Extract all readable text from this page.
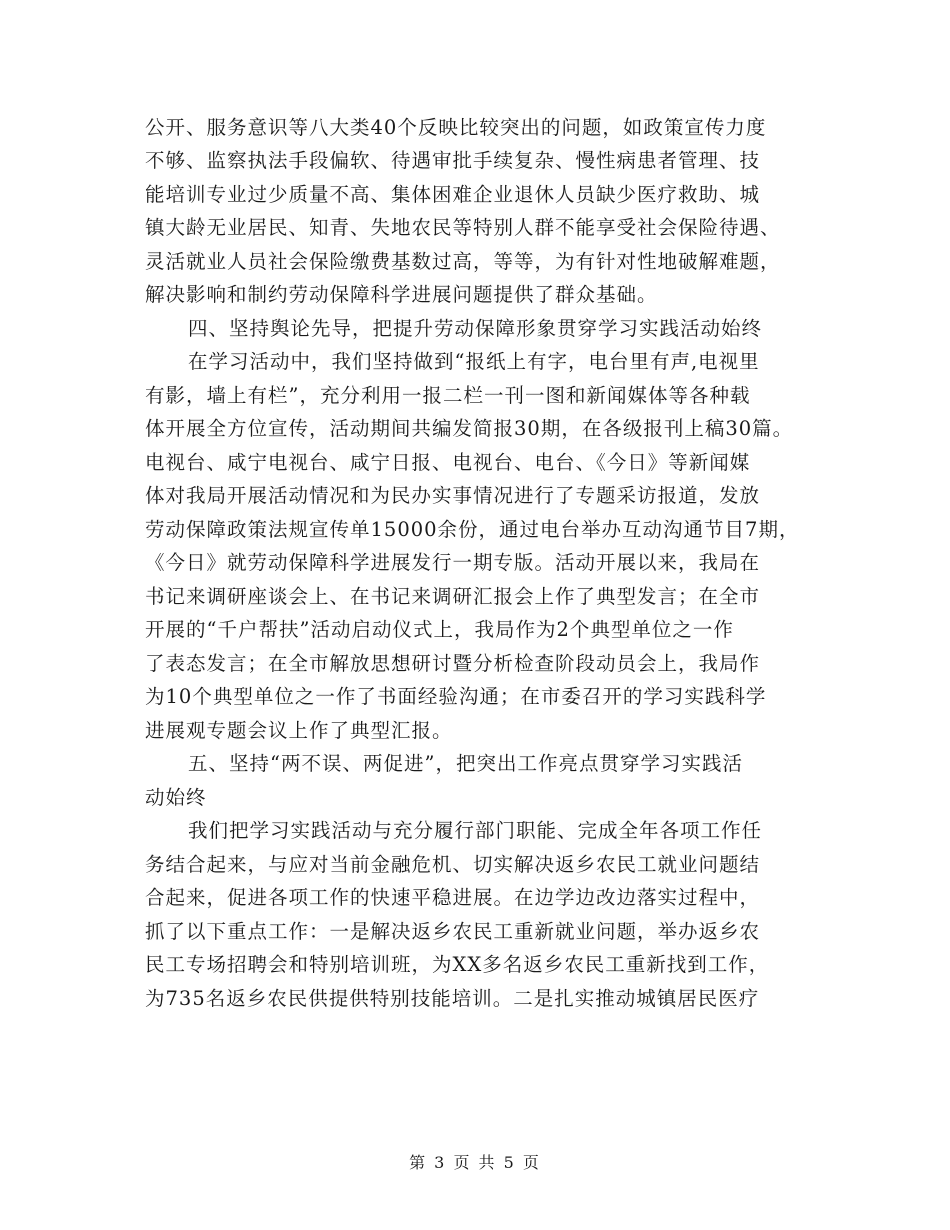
公开、服务意识等八大类40个反映比较突出的问题，如政策宣传力度
不够、监察执法手段偏软、待遇审批手续复杂、慢性病患者管理、技
能培训专业过少质量不高、集体困难企业退休人员缺少医疗救助、城
镇大龄无业居民、知青、失地农民等特别人群不能享受社会保险待遇、
灵活就业人员社会保险缴费基数过高，等等，为有针对性地破解难题，
解决影响和制约劳动保障科学进展问题提供了群众基础。
四、坚持舆论先导，把提升劳动保障形象贯穿学习实践活动始终
在学习活动中，我们坚持做到“报纸上有字，电台里有声,电视里
有影，墙上有栏”，充分利用一报二栏一刊一图和新闻媒体等各种载
体开展全方位宣传，活动期间共编发简报30期，在各级报刊上稿30篇。
电视台、咸宁电视台、咸宁日报、电视台、电台、《今日》等新闻媒
体对我局开展活动情况和为民办实事情况进行了专题采访报道，发放
劳动保障政策法规宣传单15000余份，通过电台举办互动沟通节目7期，
《今日》就劳动保障科学进展发行一期专版。活动开展以来，我局在
书记来调研座谈会上、在书记来调研汇报会上作了典型发言；在全市
开展的“千户帮扶”活动启动仪式上，我局作为2个典型单位之一作
了表态发言；在全市解放思想研讨暨分析检查阶段动员会上，我局作
为10个典型单位之一作了书面经验沟通；在市委召开的学习实践科学
进展观专题会议上作了典型汇报。
五、坚持“两不误、两促进”，把突出工作亮点贯穿学习实践活
动始终
我们把学习实践活动与充分履行部门职能、完成全年各项工作任
务结合起来，与应对当前金融危机、切实解决返乡农民工就业问题结
合起来，促进各项工作的快速平稳进展。在边学边改边落实过程中，
抓了以下重点工作：一是解决返乡农民工重新就业问题，举办返乡农
民工专场招聘会和特别培训班，为XX多名返乡农民工重新找到工作，
为735名返乡农民供提供特别技能培训。二是扎实推动城镇居民医疗
第 3 页 共 5 页
